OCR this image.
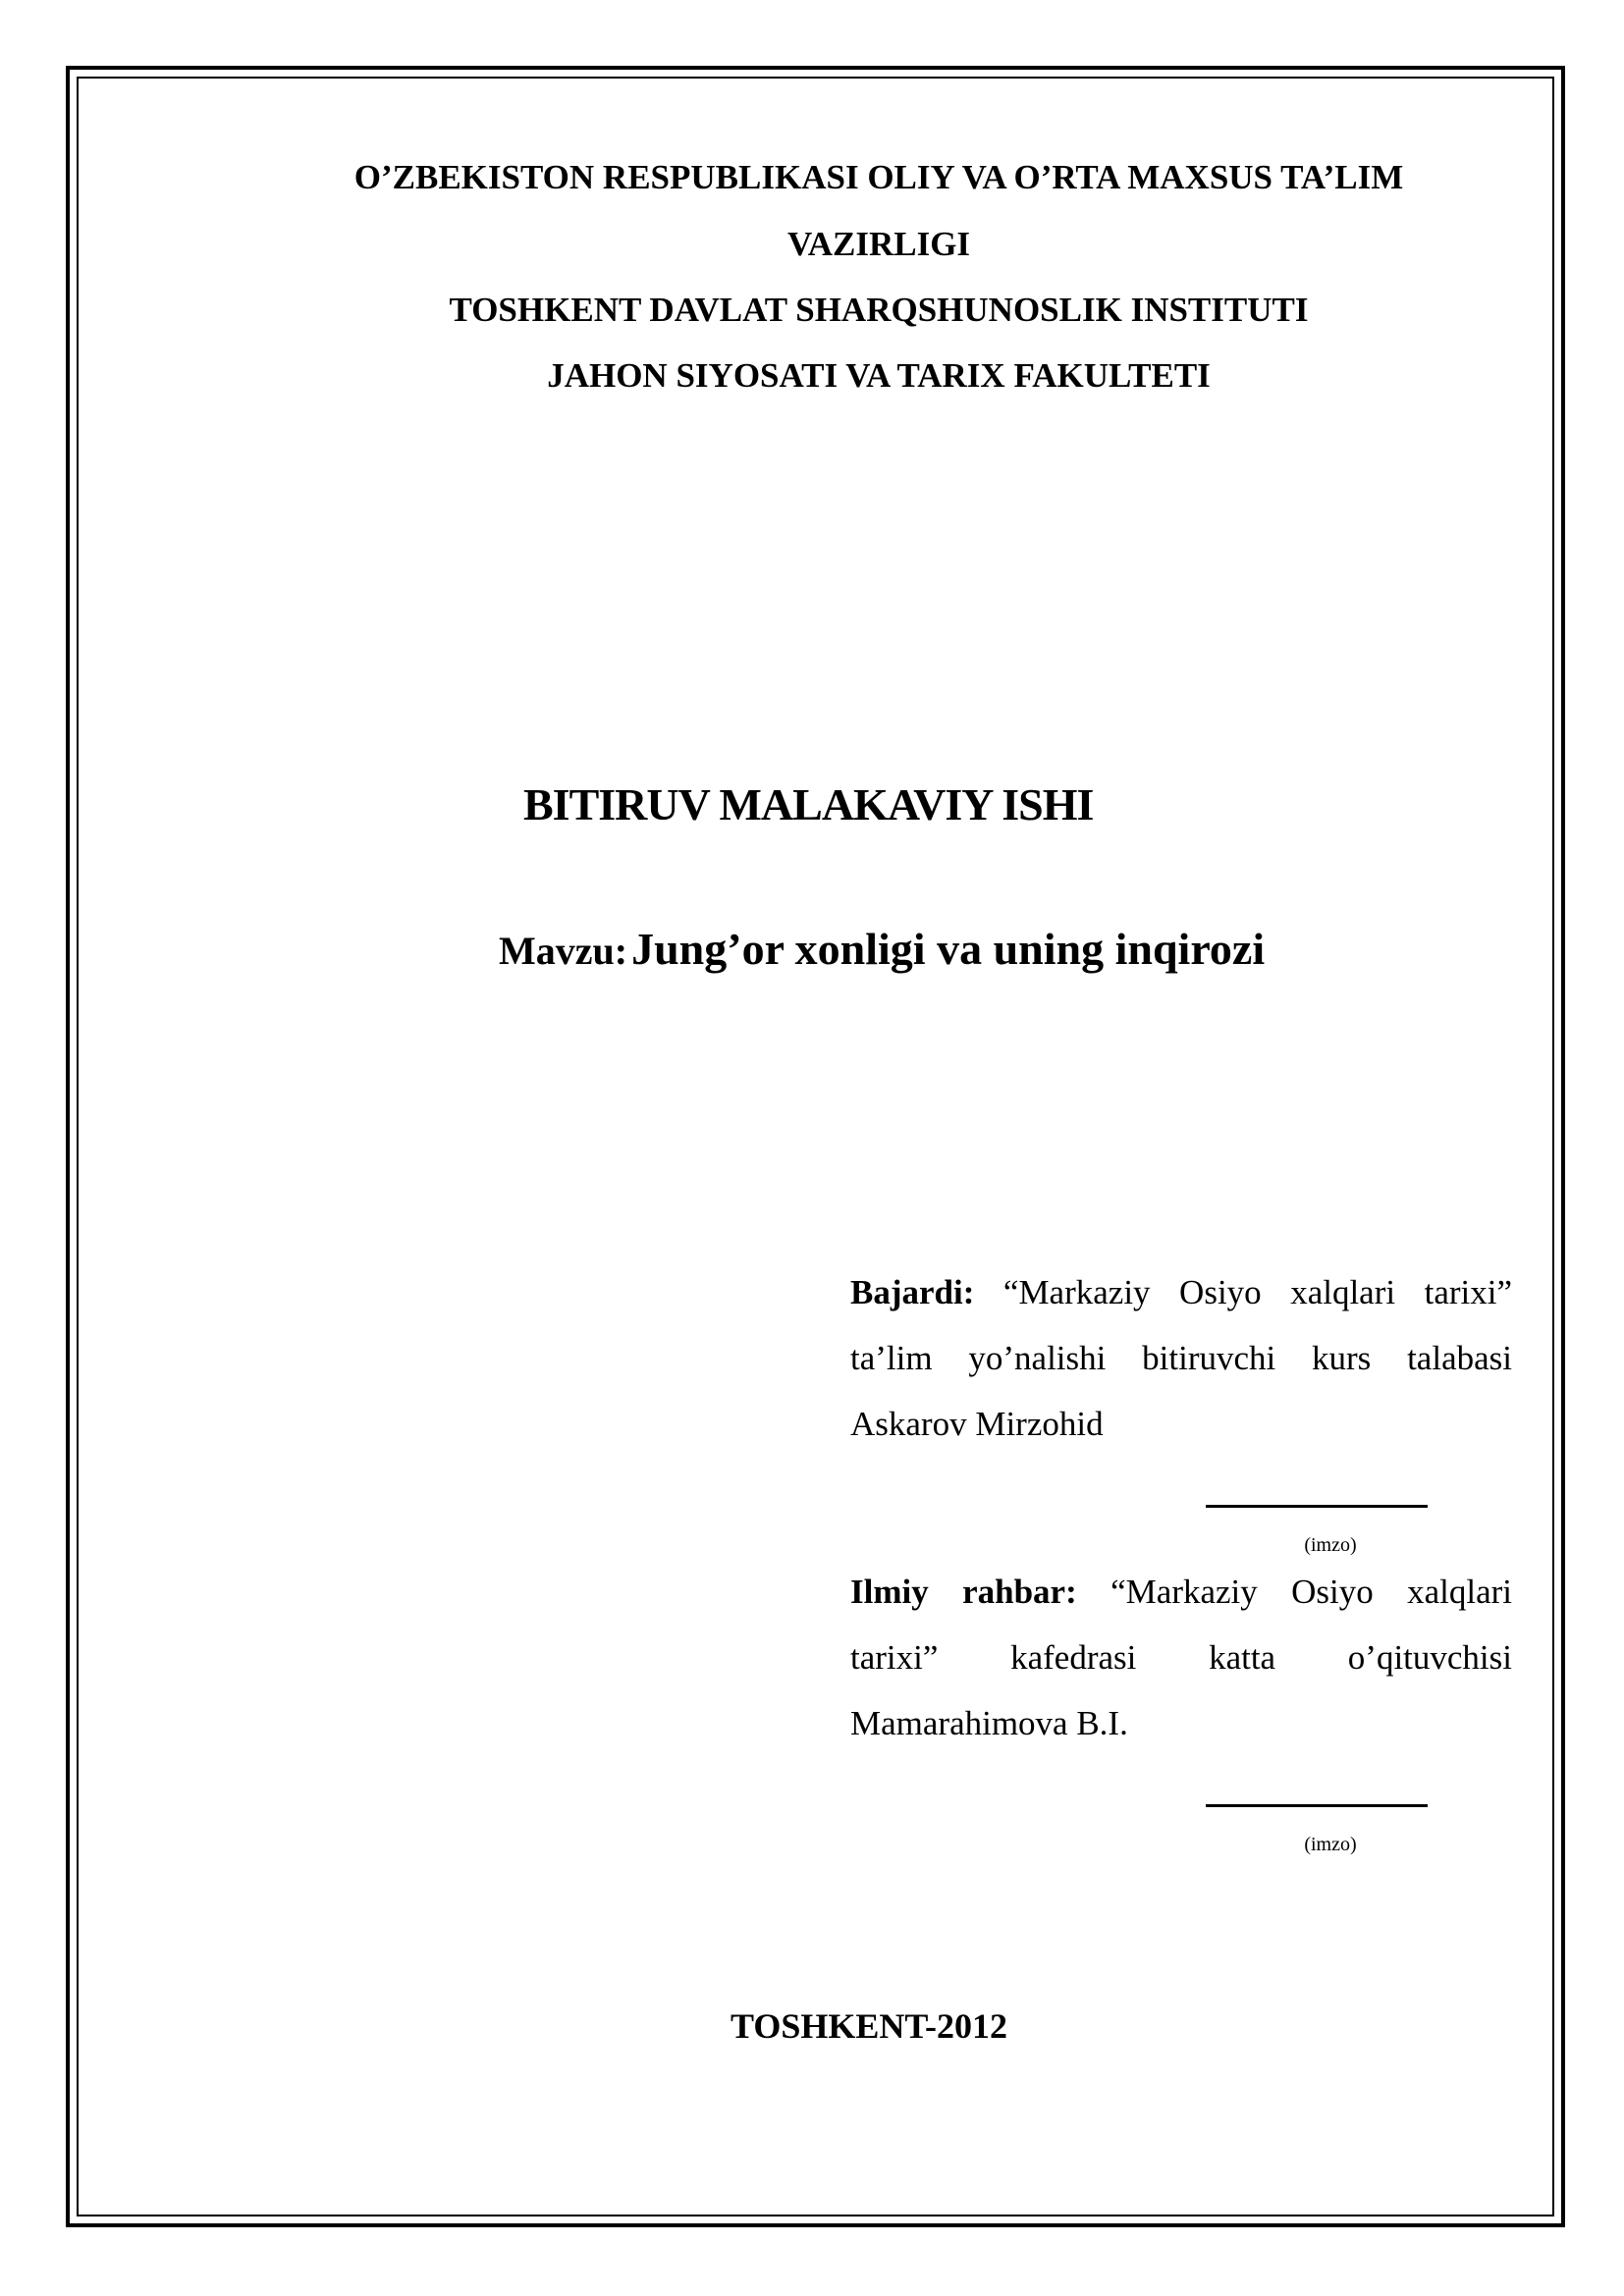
O’ZBEKISTON RESPUBLIKASI OLIY VA O’RTA MAXSUS TA’LIM
VAZIRLIGI
TOSHKENT DAVLAT SHARQSHUNOSLIK INSTITUTI
JAHON SIYOSATI VA TARIX FAKULTETI
BITIRUV MALAKAVIY ISHI
Mavzu: Jung’or xonligi va uning inqirozi
Bajardi: “Markaziy Osiyo xalqlari tarixi”
ta’lim yo’nalishi bitiruvchi kurs talabasi
Askarov Mirzohid
(imzo)
Ilmiy rahbar: “Markaziy Osiyo xalqlari
tarixi” kafedrasi katta o’qituvchisi
Mamarahimova B.I.
(imzo)
TOSHKENT-2012
